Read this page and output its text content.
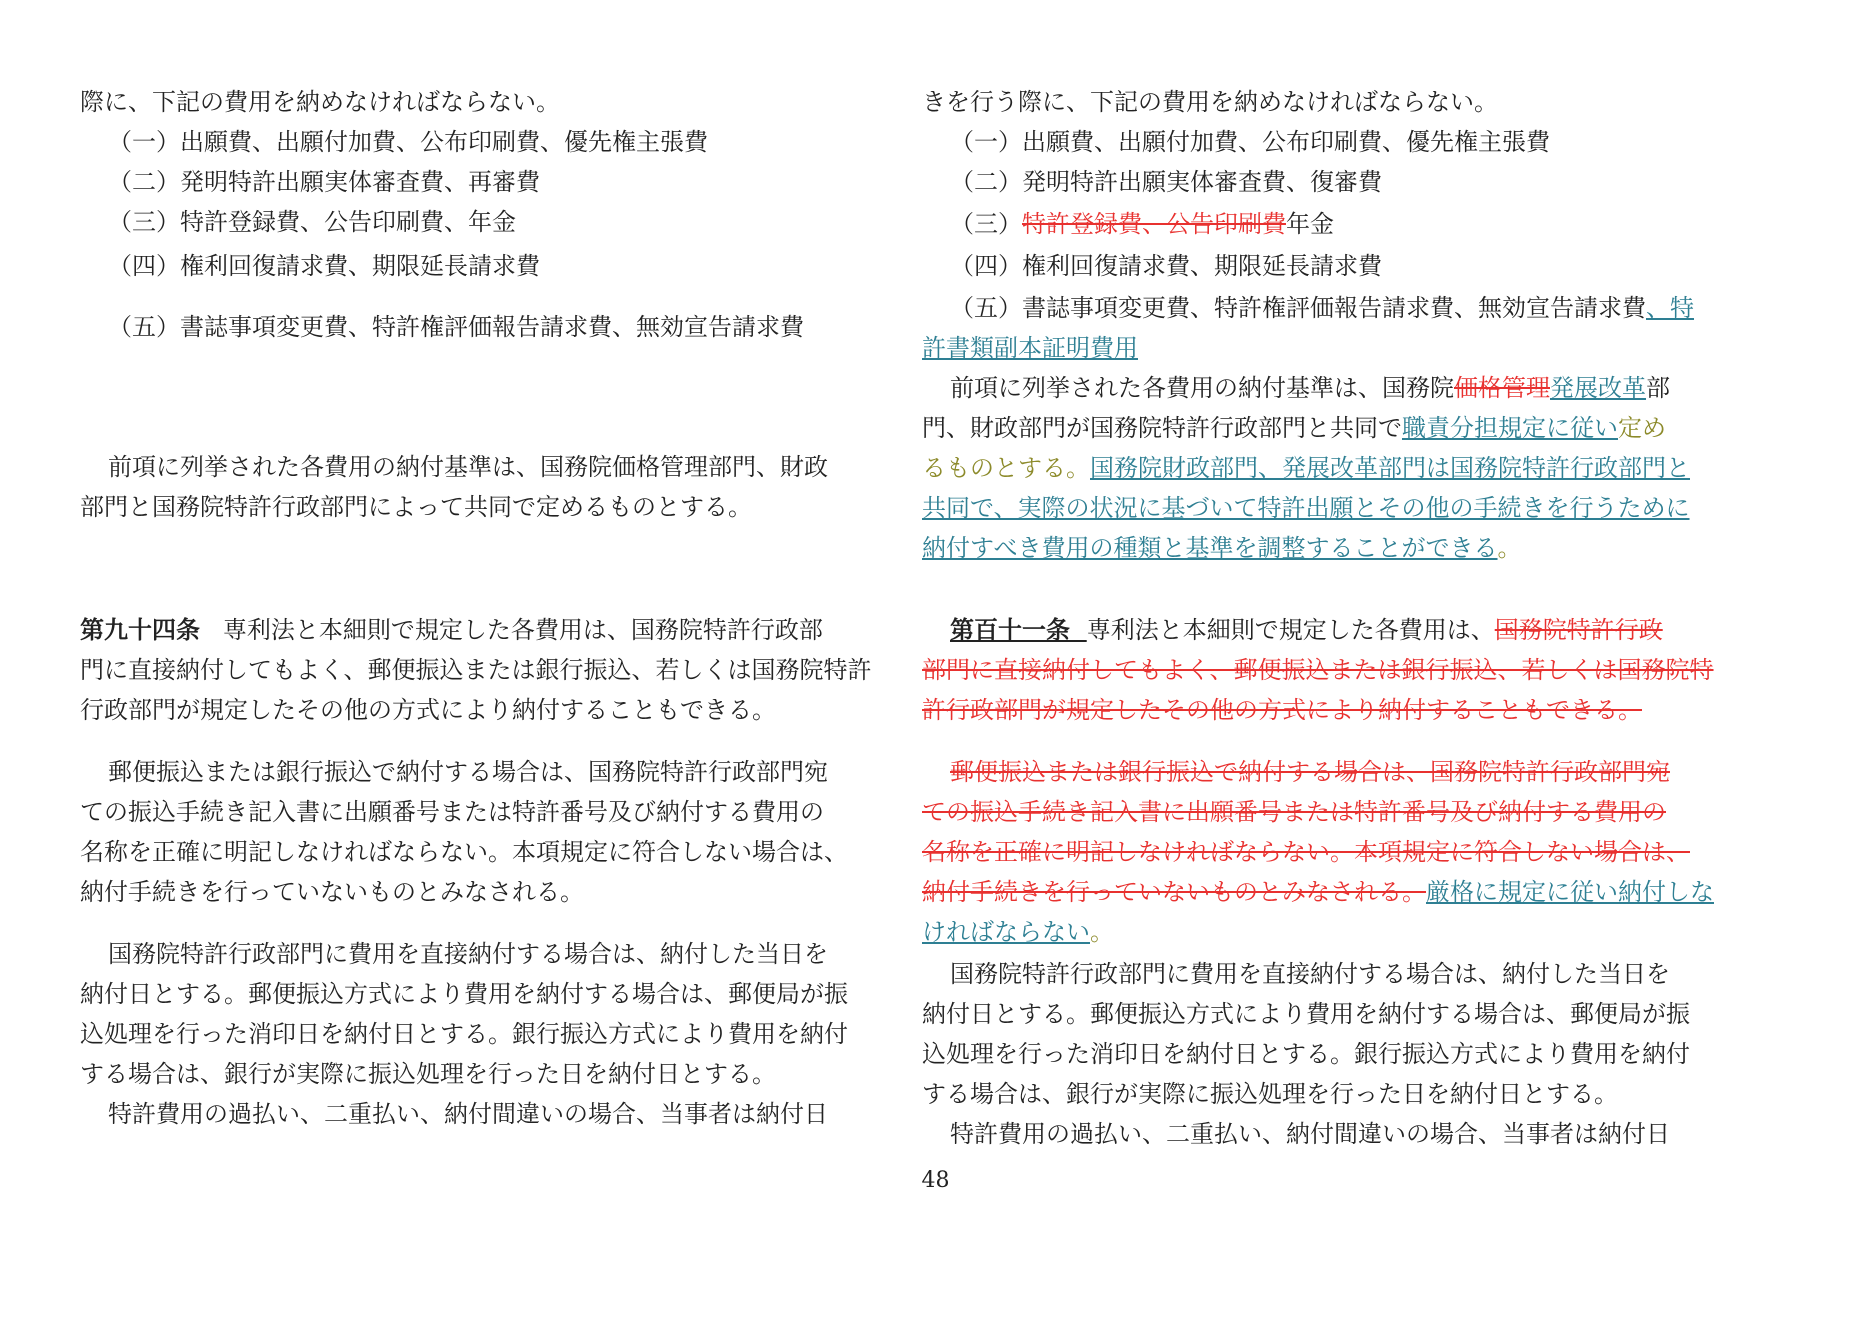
際に、下記の費用を納めなければならない。
（一）出願費、出願付加費、公布印刷費、優先権主張費
（二）発明特許出願実体審査費、再審費
（三）特許登録費、公告印刷費、年金
（四）権利回復請求費、期限延長請求費
（五）書誌事項変更費、特許権評価報告請求費、無効宣告請求費
前項に列挙された各費用の納付基準は、国務院価格管理部門、財政
部門と国務院特許行政部門によって共同で定めるものとする。
第九十四条 専利法と本細則で規定した各費用は、国務院特許行政部
門に直接納付してもよく、郵便振込または銀行振込、若しくは国務院特許
行政部門が規定したその他の方式により納付することもできる。
郵便振込または銀行振込で納付する場合は、国務院特許行政部門宛
ての振込手続き記入書に出願番号または特許番号及び納付する費用の
名称を正確に明記しなければならない。本項規定に符合しない場合は、
納付手続きを行っていないものとみなされる。
国務院特許行政部門に費用を直接納付する場合は、納付した当日を
納付日とする。郵便振込方式により費用を納付する場合は、郵便局が振
込処理を行った消印日を納付日とする。銀行振込方式により費用を納付
する場合は、銀行が実際に振込処理を行った日を納付日とする。
特許費用の過払い、二重払い、納付間違いの場合、当事者は納付日
きを行う際に、下記の費用を納めなければならない。
（一）出願費、出願付加費、公布印刷費、優先権主張費
（二）発明特許出願実体審査費、復審費
（三）特許登録費、公告印刷費年金
（四）権利回復請求費、期限延長請求費
（五）書誌事項変更費、特許権評価報告請求費、無効宣告請求費、特
許書類副本証明費用
前項に列挙された各費用の納付基準は、国務院価格管理発展改革部
門、財政部門が国務院特許行政部門と共同で職責分担規定に従い定め
るものとする。国務院財政部門、発展改革部門は国務院特許行政部門と
共同で、実際の状況に基づいて特許出願とその他の手続きを行うために
納付すべき費用の種類と基準を調整することができる。
第百十一条 専利法と本細則で規定した各費用は、国務院特許行政
部門に直接納付してもよく、郵便振込または銀行振込、若しくは国務院特
許行政部門が規定したその他の方式により納付することもできる。
郵便振込または銀行振込で納付する場合は、国務院特許行政部門宛
ての振込手続き記入書に出願番号または特許番号及び納付する費用の
名称を正確に明記しなければならない。本項規定に符合しない場合は、
納付手続きを行っていないものとみなされる。厳格に規定に従い納付しな
ければならない。
国務院特許行政部門に費用を直接納付する場合は、納付した当日を
納付日とする。郵便振込方式により費用を納付する場合は、郵便局が振
込処理を行った消印日を納付日とする。銀行振込方式により費用を納付
する場合は、銀行が実際に振込処理を行った日を納付日とする。
特許費用の過払い、二重払い、納付間違いの場合、当事者は納付日
48
